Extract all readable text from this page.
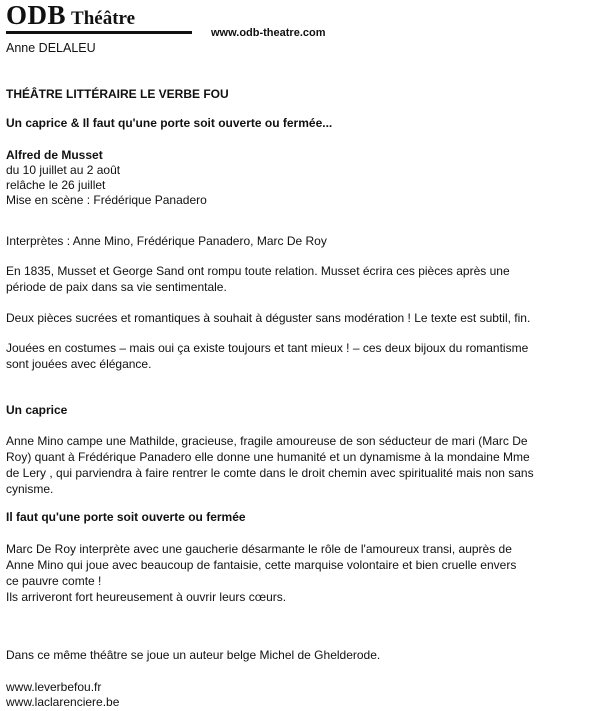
ODB Théâtre
www.odb-theatre.com
Anne DELALEU
THÉÂTRE LITTÉRAIRE LE VERBE FOU
Un caprice & Il faut qu'une porte soit ouverte ou fermée...
Alfred de Musset
du 10 juillet au 2 août
relâche le 26 juillet
Mise en scène : Frédérique Panadero
Interprètes : Anne Mino, Frédérique Panadero, Marc De Roy
En 1835, Musset et George Sand ont rompu toute relation. Musset écrira ces pièces après une
période de paix dans sa vie sentimentale.
Deux pièces sucrées et romantiques à souhait à déguster sans modération ! Le texte est subtil, fin.
Jouées en costumes – mais oui ça existe toujours et tant mieux ! – ces deux bijoux du romantisme
sont jouées avec élégance.
Un caprice
Anne Mino campe une Mathilde, gracieuse, fragile amoureuse de son séducteur de mari (Marc De
Roy) quant à Frédérique Panadero elle donne une humanité et un dynamisme à la mondaine Mme
de Lery , qui parviendra à faire rentrer le comte dans le droit chemin avec spiritualité mais non sans
cynisme.
Il faut qu'une porte soit ouverte ou fermée
Marc De Roy interprète avec une gaucherie désarmante le rôle de l'amoureux transi, auprès de
Anne Mino qui joue avec beaucoup de fantaisie, cette marquise volontaire et bien cruelle envers
ce pauvre comte !
Ils arriveront fort heureusement à ouvrir leurs cœurs.
Dans ce même théâtre se joue un auteur belge Michel de Ghelderode.
www.leverbefou.fr
www.laclarenciere.be
